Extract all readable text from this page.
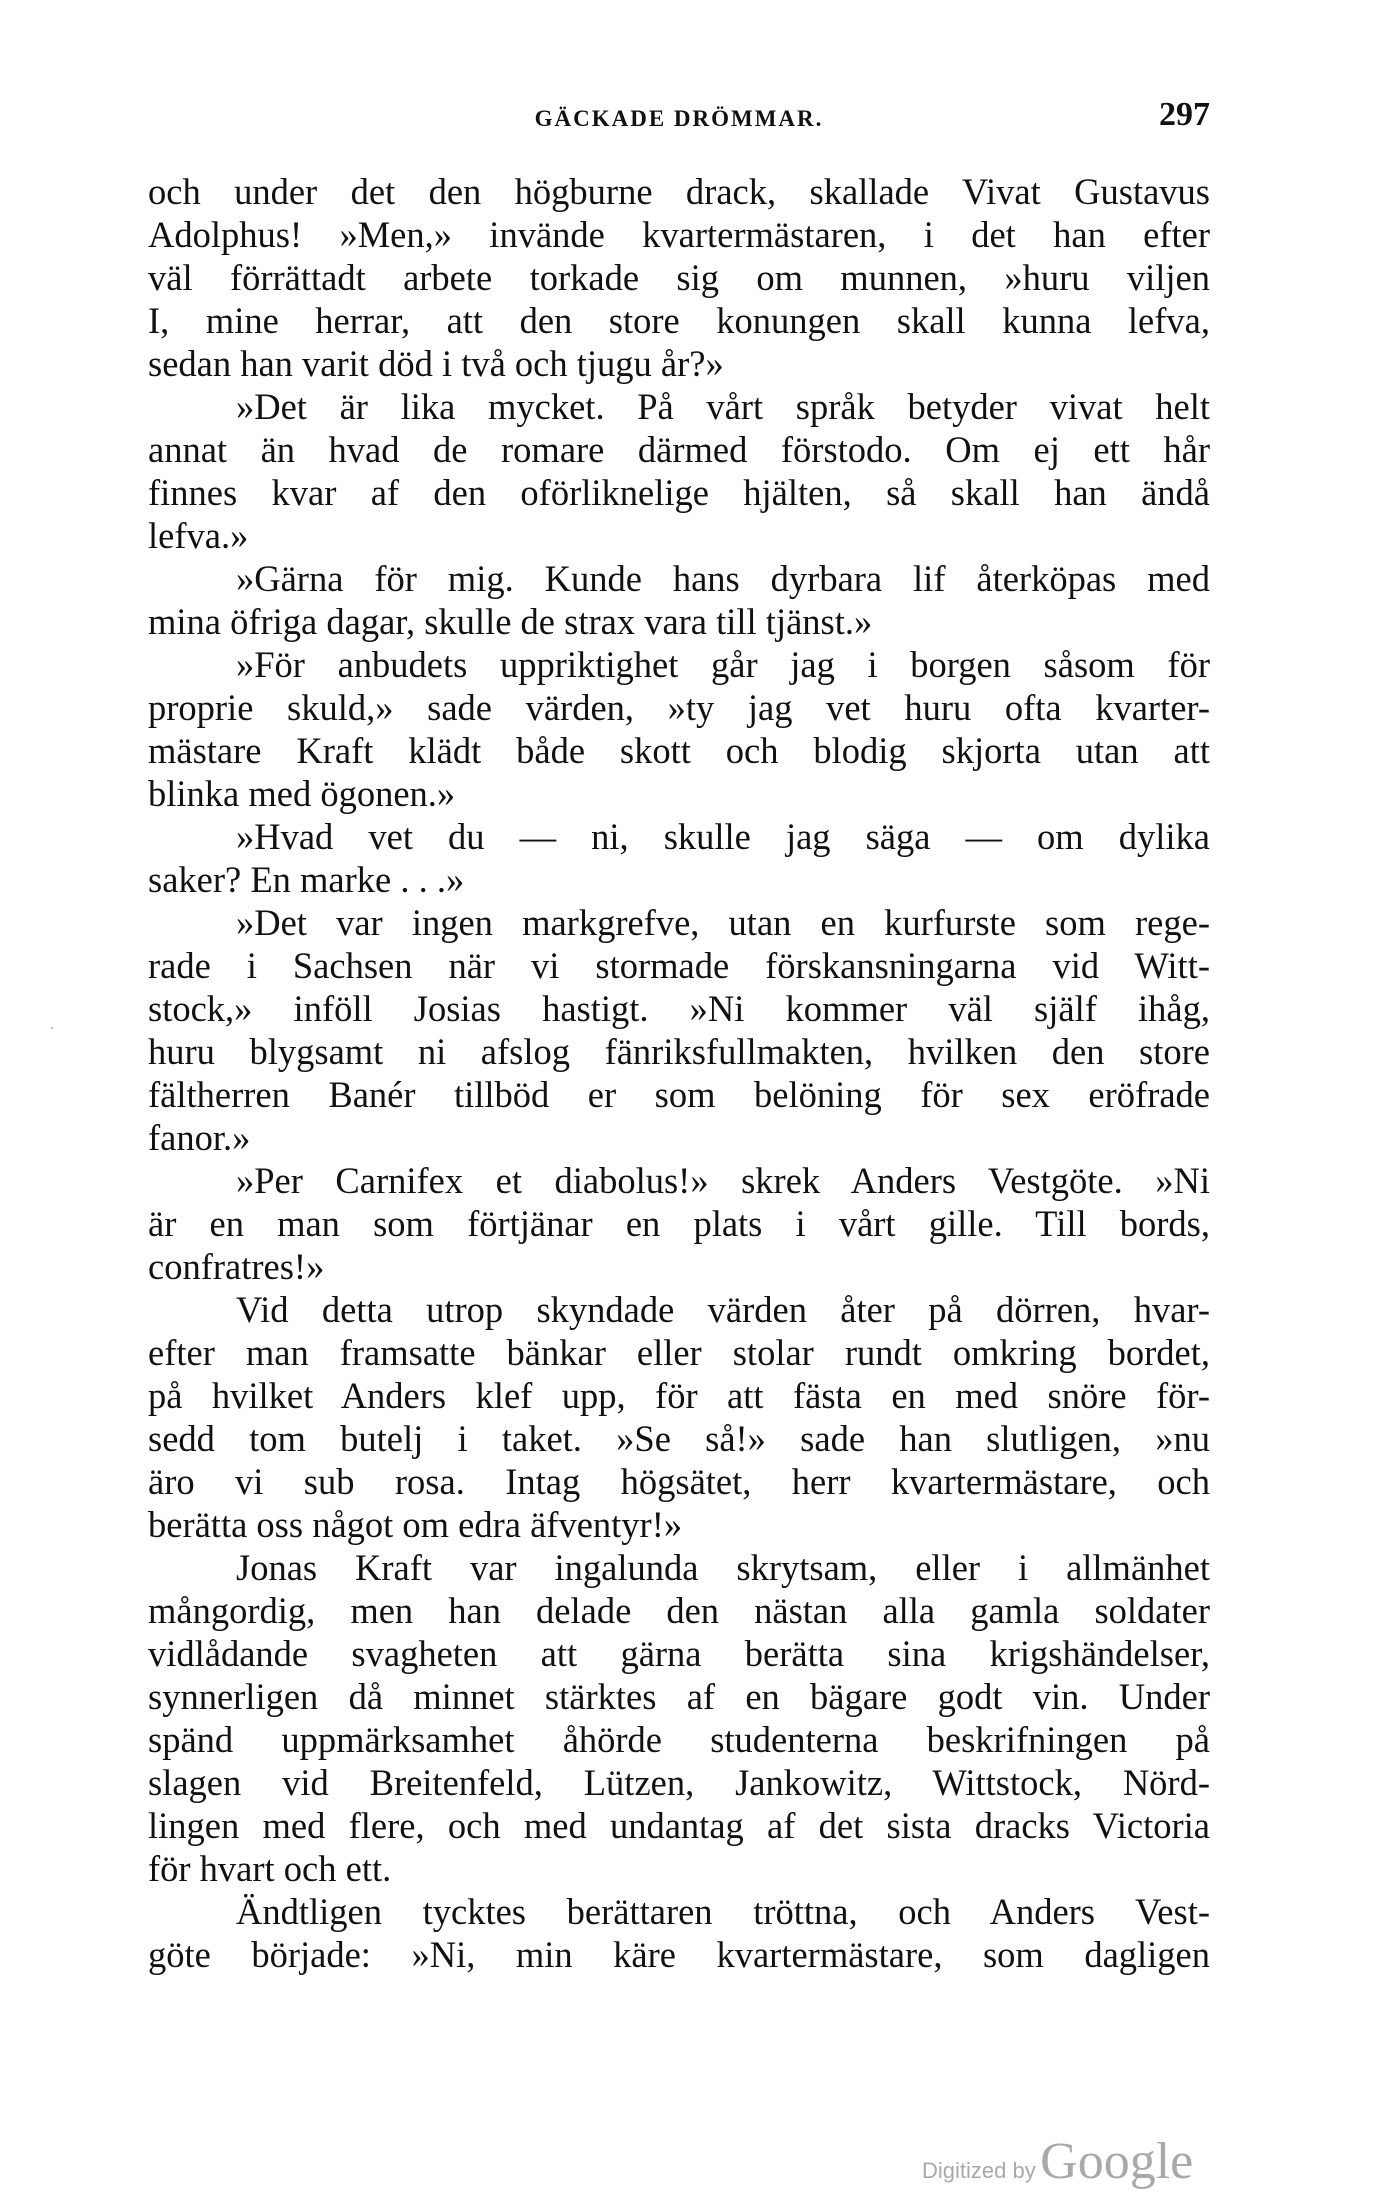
GÄCKADE DRÖMMAR.	297
och under det den högburne drack, skallade Vivat Gustavus
Adolphus! »Men,» invände kvartermästaren, i det han efter
väl förrättadt arbete torkade sig om munnen, »huru viljen
I, mine herrar, att den store konungen skall kunna lefva,
sedan han varit död i två och tjugu år?»
»Det är lika mycket. På vårt språk betyder vivat helt
annat än hvad de romare därmed förstodo. Om ej ett hår
finnes kvar af den oförliknelige hjälten, så skall han ändå
lefva.»
»Gärna för mig. Kunde hans dyrbara lif återköpas med
mina öfriga dagar, skulle de strax vara till tjänst.»
»För anbudets uppriktighet går jag i borgen såsom för
proprie skuld,» sade värden, »ty jag vet huru ofta kvarter-
mästare Kraft klädt både skott och blodig skjorta utan att
blinka med ögonen.»
»Hvad vet du — ni, skulle jag säga — om dylika
saker? En marke . . .»
»Det var ingen markgrefve, utan en kurfurste som rege-
rade i Sachsen när vi stormade förskansningarna vid Witt-
stock,» inföll Josias hastigt. »Ni kommer väl själf ihåg,
huru blygsamt ni afslog fänriksfullmakten, hvilken den store
fältherren Banér tillböd er som belöning för sex eröfrade
fanor.»
»Per Carnifex et diabolus!» skrek Anders Vestgöte. »Ni
är en man som förtjänar en plats i vårt gille. Till bords,
confratres!»
Vid detta utrop skyndade värden åter på dörren, hvar-
efter man framsatte bänkar eller stolar rundt omkring bordet,
på hvilket Anders klef upp, för att fästa en med snöre för-
sedd tom butelj i taket. »Se så!» sade han slutligen, »nu
äro vi sub rosa. Intag högsätet, herr kvartermästare, och
berätta oss något om edra äfventyr!»
Jonas Kraft var ingalunda skrytsam, eller i allmänhet
mångordig, men han delade den nästan alla gamla soldater
vidlådande svagheten att gärna berätta sina krigshändelser,
synnerligen då minnet stärktes af en bägare godt vin. Under
spänd uppmärksamhet åhörde studenterna beskrifningen på
slagen vid Breitenfeld, Lützen, Jankowitz, Wittstock, Nörd-
lingen med flere, och med undantag af det sista dracks Victoria
för hvart och ett.
Ändtligen tycktes berättaren tröttna, och Anders Vest-
göte började: »Ni, min käre kvartermästare, som dagligen
Digitized by Google
